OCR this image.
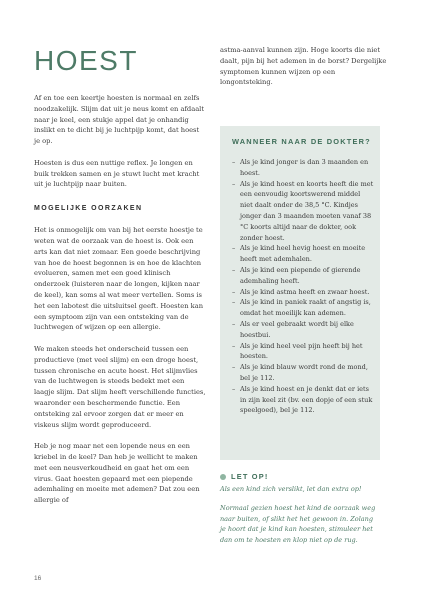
HOEST

Af en toe een keertje hoesten is normaal en zelfs noodzakelijk. Slijm dat uit je neus komt en afdaalt naar je keel, een stukje appel dat je onhandig inslikt en te dicht bij je luchtpijp komt, dat hoest je op.

Hoesten is dus een nuttige reflex. Je longen en buik trekken samen en je stuwt lucht met kracht uit je luchtpijp naar buiten.

MOGELIJKE OORZAKEN

Het is onmogelijk om van bij het eerste hoestje te weten wat de oorzaak van de hoest is. Ook een arts kan dat niet zomaar. Een goede beschrijving van hoe de hoest begonnen is en hoe de klachten evolueren, samen met een goed klinisch onderzoek (luisteren naar de longen, kijken naar de keel), kan soms al wat meer vertellen. Soms is het een labotest die uitsluitsel geeft. Hoesten kan een symptoom zijn van een ontsteking van de luchtwegen of wijzen op een allergie.

We maken steeds het onderscheid tussen een productieve (met veel slijm) en een droge hoest, tussen chronische en acute hoest. Het slijmvlies van de luchtwegen is steeds bedekt met een laagje slijm. Dat slijm heeft verschillende functies, waaronder een beschermende functie. Een ontsteking zal ervoor zorgen dat er meer en viskeus slijm wordt geproduceerd.

Heb je nog maar net een lopende neus en een kriebel in de keel? Dan heb je wellicht te maken met een neusverkoudheid en gaat het om een virus. Gaat hoesten gepaard met een piepende ademhaling en moeite met ademen? Dat zou een allergie of

astma-aanval kunnen zijn. Hoge koorts die niet daalt, pijn bij het ademen in de borst? Dergelijke symptomen kunnen wijzen op een longontsteking.

WANNEER NAAR DE DOKTER?
– Als je kind jonger is dan 3 maanden en hoest.
– Als je kind hoest en koorts heeft die met een eenvoudig koortswerend middel niet daalt onder de 38,5 °C. Kindjes jonger dan 3 maanden moeten vanaf 38 °C koorts altijd naar de dokter, ook zonder hoest.
– Als je kind heel hevig hoest en moeite heeft met ademhalen.
– Als je kind een piepende of gierende ademhaling heeft.
– Als je kind astma heeft en zwaar hoest.
– Als je kind in paniek raakt of angstig is, omdat het moeilijk kan ademen.
– Als er veel gebraakt wordt bij elke hoestbui.
– Als je kind heel veel pijn heeft bij het hoesten.
– Als je kind blauw wordt rond de mond, bel je 112.
– Als je kind hoest en je denkt dat er iets in zijn keel zit (bv. een dopje of een stuk speelgoed), bel je 112.
LET OP!

Als een kind zich verslikt, let dan extra op!

Normaal gezien hoest het kind de oorzaak weg naar buiten, of slikt het het gewoon in. Zolang je hoort dat je kind kan hoesten, stimuleer het dan om te hoesten en klop niet op de rug.

16
